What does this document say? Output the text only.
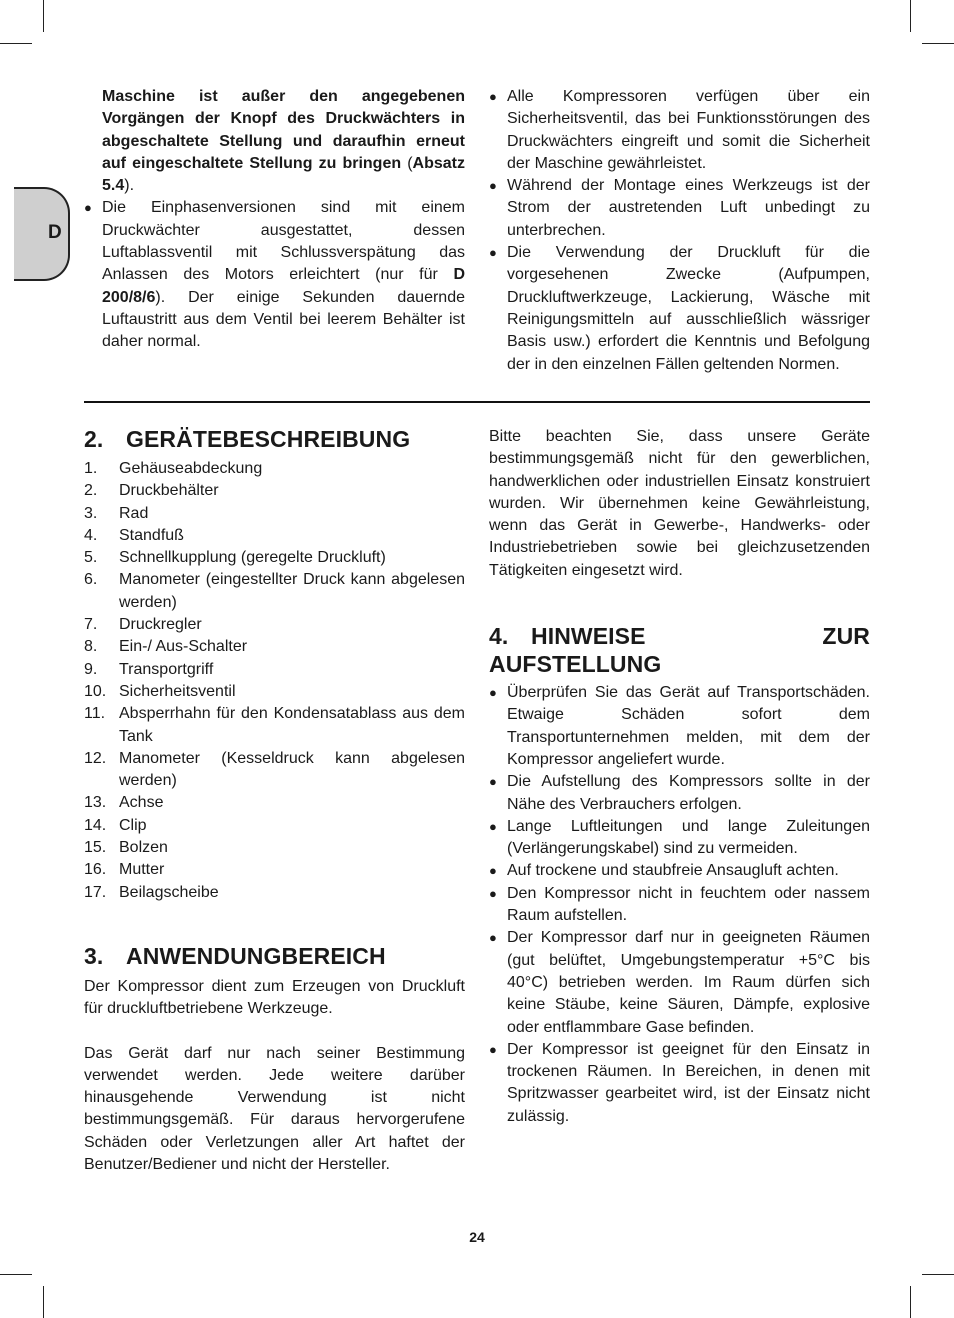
D

Maschine ist außer den angegebenen Vorgängen der Knopf des Druckwächters in abgeschaltete Stellung und daraufhin erneut auf eingeschaltete Stellung zu bringen (Absatz 5.4).

● Die Einphasenversionen sind mit einem Druckwächter ausgestattet, dessen Luftablassventil mit Schlussverspätung das Anlassen des Motors erleichtert (nur für D 200/8/6). Der einige Sekunden dauernde Luftaustritt aus dem Ventil bei leerem Behälter ist daher normal.

● Alle Kompressoren verfügen über ein Sicherheitsventil, das bei Funktionsstörungen des Druckwächters eingreift und somit die Sicherheit der Maschine gewährleistet.

● Während der Montage eines Werkzeugs ist der Strom der austretenden Luft unbedingt zu unterbrechen.

● Die Verwendung der Druckluft für die vorgesehenen Zwecke (Aufpumpen, Druckluftwerkzeuge, Lackierung, Wäsche mit Reinigungsmitteln auf ausschließlich wässriger Basis usw.) erfordert die Kenntnis und Befolgung der in den einzelnen Fällen geltenden Normen.

2. GERÄTEBESCHREIBUNG
1. Gehäuseabdeckung
2. Druckbehälter
3. Rad
4. Standfuß
5. Schnellkupplung (geregelte Druckluft)
6. Manometer (eingestellter Druck kann abgelesen werden)
7. Druckregler
8. Ein-/ Aus-Schalter
9. Transportgriff
10. Sicherheitsventil
11. Absperrhahn für den Kondensatablass aus dem Tank
12. Manometer (Kesseldruck kann abgelesen werden)
13. Achse
14. Clip
15. Bolzen
16. Mutter
17. Beilagscheibe
3. ANWENDUNGBEREICH

Der Kompressor dient zum Erzeugen von Druckluft für druckluftbetriebene Werkzeuge.

Das Gerät darf nur nach seiner Bestimmung verwendet werden. Jede weitere darüber hinausgehende Verwendung ist nicht bestimmungsgemäß. Für daraus hervorgerufene Schäden oder Verletzungen aller Art haftet der Benutzer/Bediener und nicht der Hersteller.

Bitte beachten Sie, dass unsere Geräte bestimmungsgemäß nicht für den gewerblichen, handwerklichen oder industriellen Einsatz konstruiert wurden. Wir übernehmen keine Gewährleistung, wenn das Gerät in Gewerbe-, Handwerks- oder Industriebetrieben sowie bei gleichzusetzenden Tätigkeiten eingesetzt wird.

4. HINWEISE ZUR AUFSTELLUNG

● Überprüfen Sie das Gerät auf Transportschäden. Etwaige Schäden sofort dem Transportunternehmen melden, mit dem der Kompressor angeliefert wurde.

● Die Aufstellung des Kompressors sollte in der Nähe des Verbrauchers erfolgen.

● Lange Luftleitungen und lange Zuleitungen (Verlängerungskabel) sind zu vermeiden.

● Auf trockene und staubfreie Ansaugluft achten.

● Den Kompressor nicht in feuchtem oder nassem Raum aufstellen.

● Der Kompressor darf nur in geeigneten Räumen (gut belüftet, Umgebungstemperatur +5°C bis 40°C) betrieben werden. Im Raum dürfen sich keine Stäube, keine Säuren, Dämpfe, explosive oder entflammbare Gase befinden.

● Der Kompressor ist geeignet für den Einsatz in trockenen Räumen. In Bereichen, in denen mit Spritzwasser gearbeitet wird, ist der Einsatz nicht zulässig.

24
